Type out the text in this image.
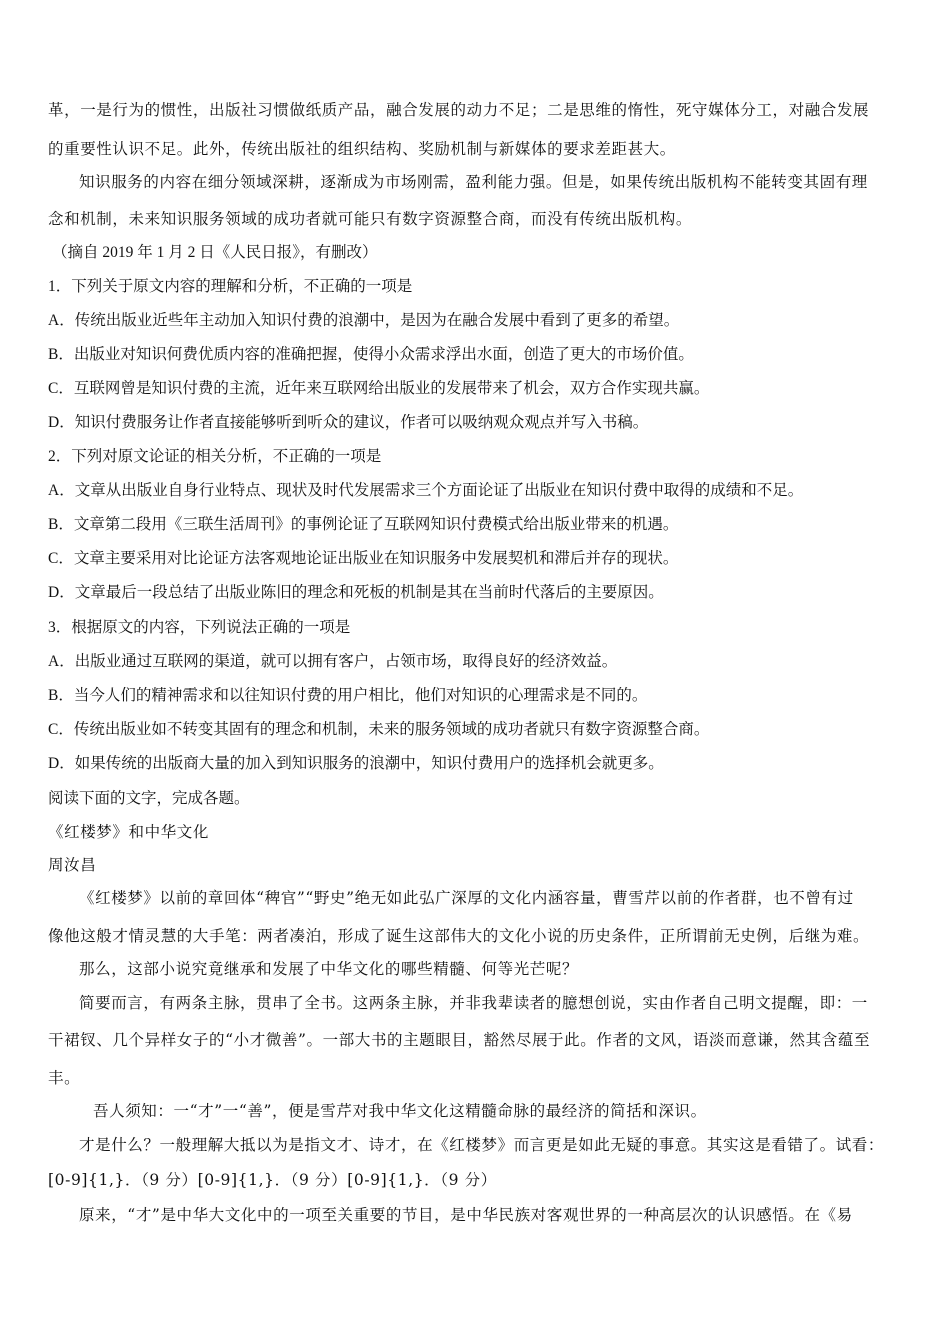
革，一是行为的惯性，出版社习惯做纸质产品，融合发展的动力不足；二是思维的惰性，死守媒体分工，对融合发展
的重要性认识不足。此外，传统出版社的组织结构、奖励机制与新媒体的要求差距甚大。
知识服务的内容在细分领域深耕，逐渐成为市场刚需，盈利能力强。但是，如果传统出版机构不能转变其固有理
念和机制，未来知识服务领域的成功者就可能只有数字资源整合商，而没有传统出版机构。
（摘自 2019 年 1 月 2 日《人民日报》，有删改）
1．下列关于原文内容的理解和分析，不正确的一项是
A．传统出版业近些年主动加入知识付费的浪潮中，是因为在融合发展中看到了更多的希望。
B．出版业对知识何费优质内容的准确把握，使得小众需求浮出水面，创造了更大的市场价值。
C．互联网曾是知识付费的主流，近年来互联网给出版业的发展带来了机会，双方合作实现共赢。
D．知识付费服务让作者直接能够听到听众的建议，作者可以吸纳观众观点并写入书稿。
2．下列对原文论证的相关分析，不正确的一项是
A．文章从出版业自身行业特点、现状及时代发展需求三个方面论证了出版业在知识付费中取得的成绩和不足。
B．文章第二段用《三联生活周刊》的事例论证了互联网知识付费模式给出版业带来的机遇。
C．文章主要采用对比论证方法客观地论证出版业在知识服务中发展契机和滞后并存的现状。
D．文章最后一段总结了出版业陈旧的理念和死板的机制是其在当前时代落后的主要原因。
3．根据原文的内容，下列说法正确的一项是
A．出版业通过互联网的渠道，就可以拥有客户，占领市场，取得良好的经济效益。
B．当今人们的精神需求和以往知识付费的用户相比，他们对知识的心理需求是不同的。
C．传统出版业如不转变其固有的理念和机制，未来的服务领域的成功者就只有数字资源整合商。
D．如果传统的出版商大量的加入到知识服务的浪潮中，知识付费用户的选择机会就更多。
阅读下面的文字，完成各题。
《红楼梦》和中华文化
周汝昌
《红楼梦》以前的章回体“稗官”“野史”绝无如此弘广深厚的文化内涵容量，曹雪芹以前的作者群，也不曾有过
像他这般才情灵慧的大手笔：两者凑泊，形成了诞生这部伟大的文化小说的历史条件，正所谓前无史例，后继为难。
那么，这部小说究竟继承和发展了中华文化的哪些精髓、何等光芒呢？
简要而言，有两条主脉，贯串了全书。这两条主脉，并非我辈读者的臆想创说，实由作者自己明文提醒，即：一
干裙钗、几个异样女子的“小才微善”。一部大书的主题眼目，豁然尽展于此。作者的文风，语淡而意谦，然其含蕴至
丰。
吾人须知：一“才”一“善”，便是雪芹对我中华文化这精髓命脉的最经济的简括和深识。
才是什么？一般理解大抵以为是指文才、诗才，在《红楼梦》而言更是如此无疑的事意。其实这是看错了。试看：
[0-9]{1,}．（9 分）[0-9]{1,}．（9 分）[0-9]{1,}．（9 分）
原来，“才”是中华大文化中的一项至关重要的节目，是中华民族对客观世界的一种高层次的认识感悟。在《易
